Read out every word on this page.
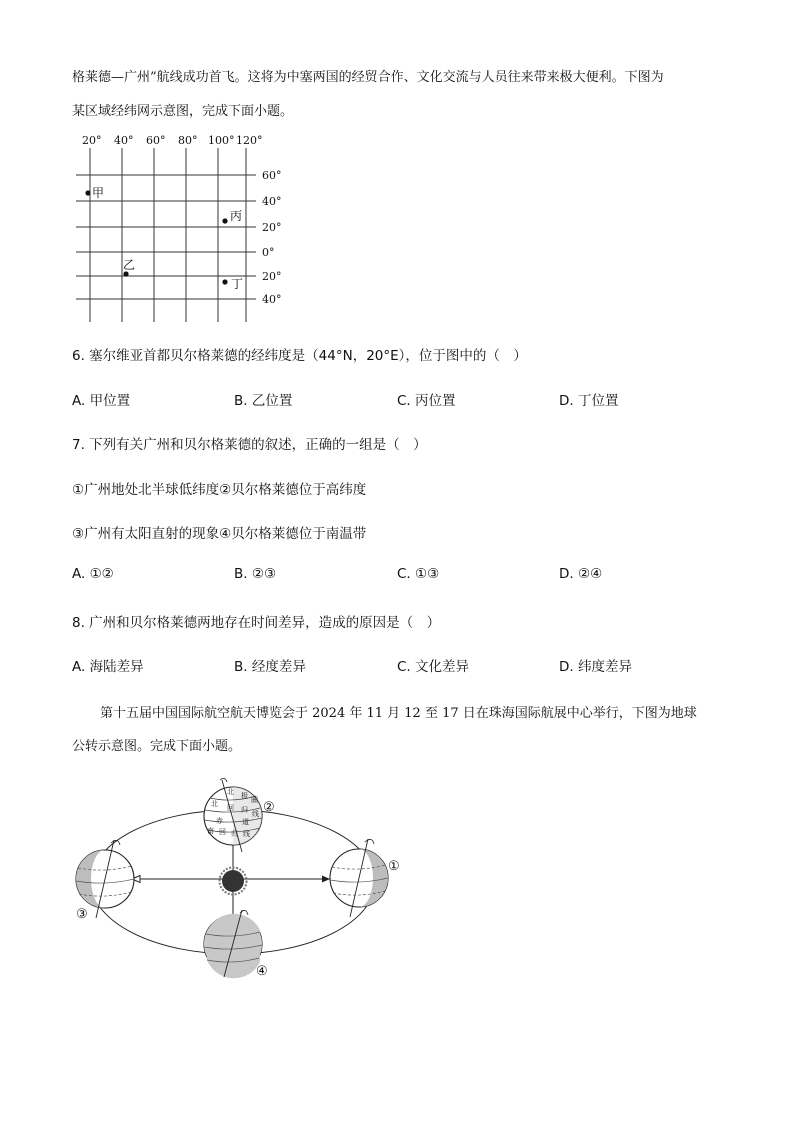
格莱德—广州”航线成功首飞。这将为中塞两国的经贸合作、文化交流与人员往来带来极大便利。下图为
某区域经纬网示意图，完成下面小题。
20° 40° 60° 80° 100° 120°
60°
40°
20°
0°
20°
40°
甲
乙
丙
丁
6. 塞尔维亚首都贝尔格莱德的经纬度是（44°N，20°E），位于图中的（　）
A. 甲位置	B. 乙位置	C. 丙位置	D. 丁位置
7. 下列有关广州和贝尔格莱德的叙述，正确的一组是（　）
①广州地处北半球低纬度②贝尔格莱德位于高纬度
③广州有太阳直射的现象④贝尔格莱德位于南温带
A. ①②	B. ②③	C. ①③	D. ②④
8. 广州和贝尔格莱德两地存在时间差异，造成的原因是（　）
A. 海陆差异	B. 经度差异	C. 文化差异	D. 纬度差异
第十五届中国国际航空航天博览会于 2024 年 11 月 12 至 17 日在珠海国际航展中心举行，下图为地球
公转示意图。完成下面小题。
北 极 圈
北 回 归 线
赤	道
南 回 归 线
②
①
③
④
